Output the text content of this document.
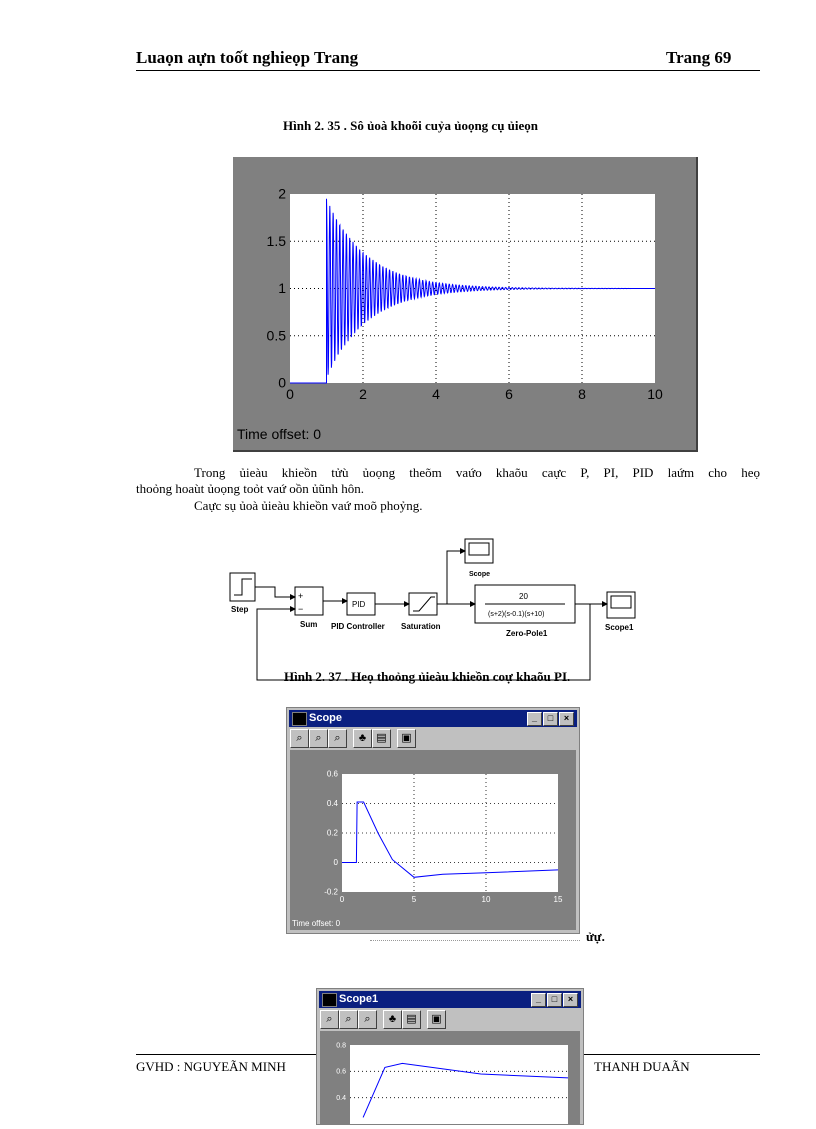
Luaọn aựn toốt nghieọp Trang	Trang 69
Hình 2. 35 . Sô ủoà khoõi cuỷa ủoọng cụ ủieọn
0	2	4	6	8	10
0
0.5
1
1.5
2
Time offset: 0
Trong ủieàu khieồn tửù ủoọng theõm vaứo khaõu caực P, PI, PID laứm cho heọ
thoỏng hoaùt ủoọng toỏt vaứ oồn ủũnh hôn.
Caực sụ ủoà ủieàu khieồn vaứ moõ phoỷng.
Step
+
−
Sum
PID
PID Controller Saturation
Scope
20
(s+2)(s-0.1)(s+10)
Zero-Pole1
Scope1
Hình 2. 37 . Heọ thoỏng ủieàu khieồn coự khaõu PI.
Scope	_	□	×
⌕	⌕	⌕	♣ ▤	▣
0	5	10	15
-0.2
0
0.2
0.4
0.6
Time offset: 0
ửự.
GVHD : NGUYEÃN MINH	THANH DUAÃN
Scope1	_	□	×
⌕	⌕	⌕	♣ ▤	▣
0.4
0.6
0.8
